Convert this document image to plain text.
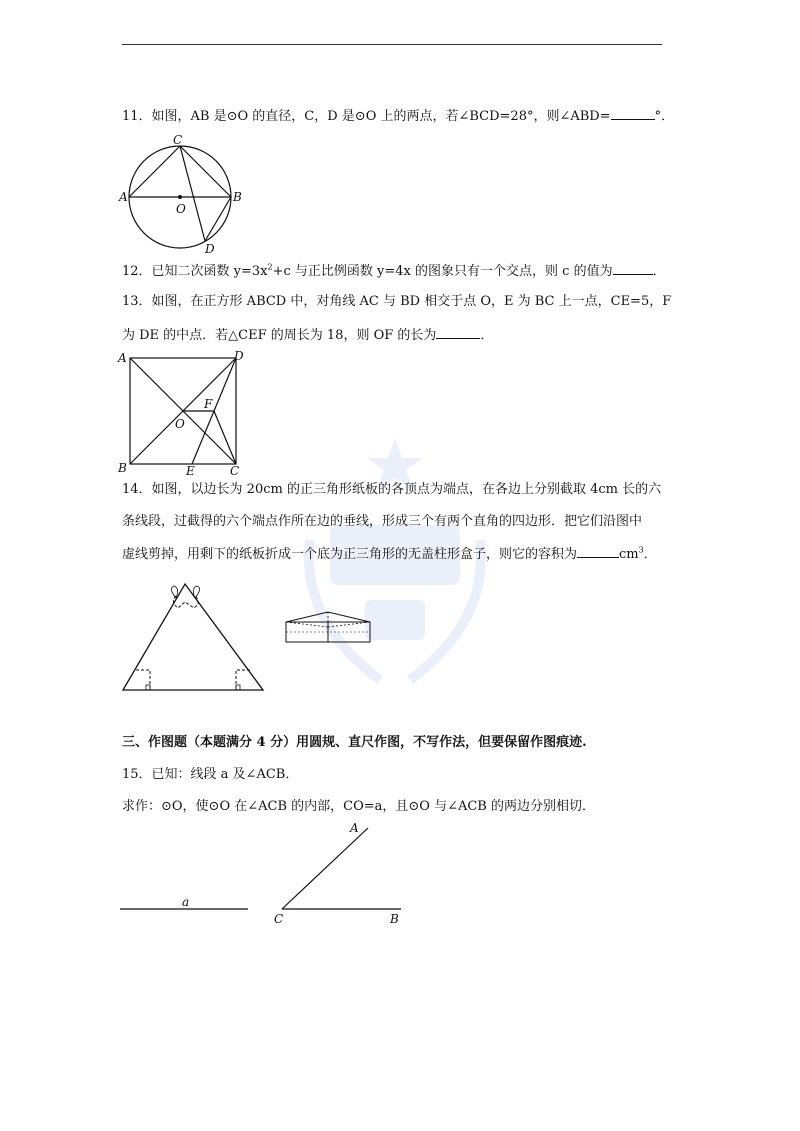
11．如图，AB 是⊙O 的直径，C，D 是⊙O 上的两点，若∠BCD=28°，则∠ABD=	°．
A	B
C
D
O
12．已知二次函数 $y=3x^2+c$ 与正比例函数 y=4x 的图象只有一个交点，则 c 的值为	．
13．如图，在正方形 ABCD 中，对角线 AC 与 BD 相交于点 O，E 为 BC 上一点，CE=5，F
为 DE 的中点．若△CEF 的周长为 18，则 OF 的长为	．
A
B	C
D
E
F
O
14．如图，以边长为 20cm 的正三角形纸板的各顶点为端点，在各边上分别截取 4cm 长的六
条线段，过截得的六个端点作所在边的垂线，形成三个有两个直角的四边形．把它们沿图中
虚线剪掉，用剩下的纸板折成一个底为正三角形的无盖柱形盒子，则它的容积为	$cm^3$．
三、作图题（本题满分 4 分）用圆规、直尺作图，不写作法，但要保留作图痕迹.
15．已知：线段 a 及∠ACB．
求作：⊙O，使⊙O 在∠ACB 的内部，CO=a，且⊙O 与∠ACB 的两边分别相切．
a
A
C	B
